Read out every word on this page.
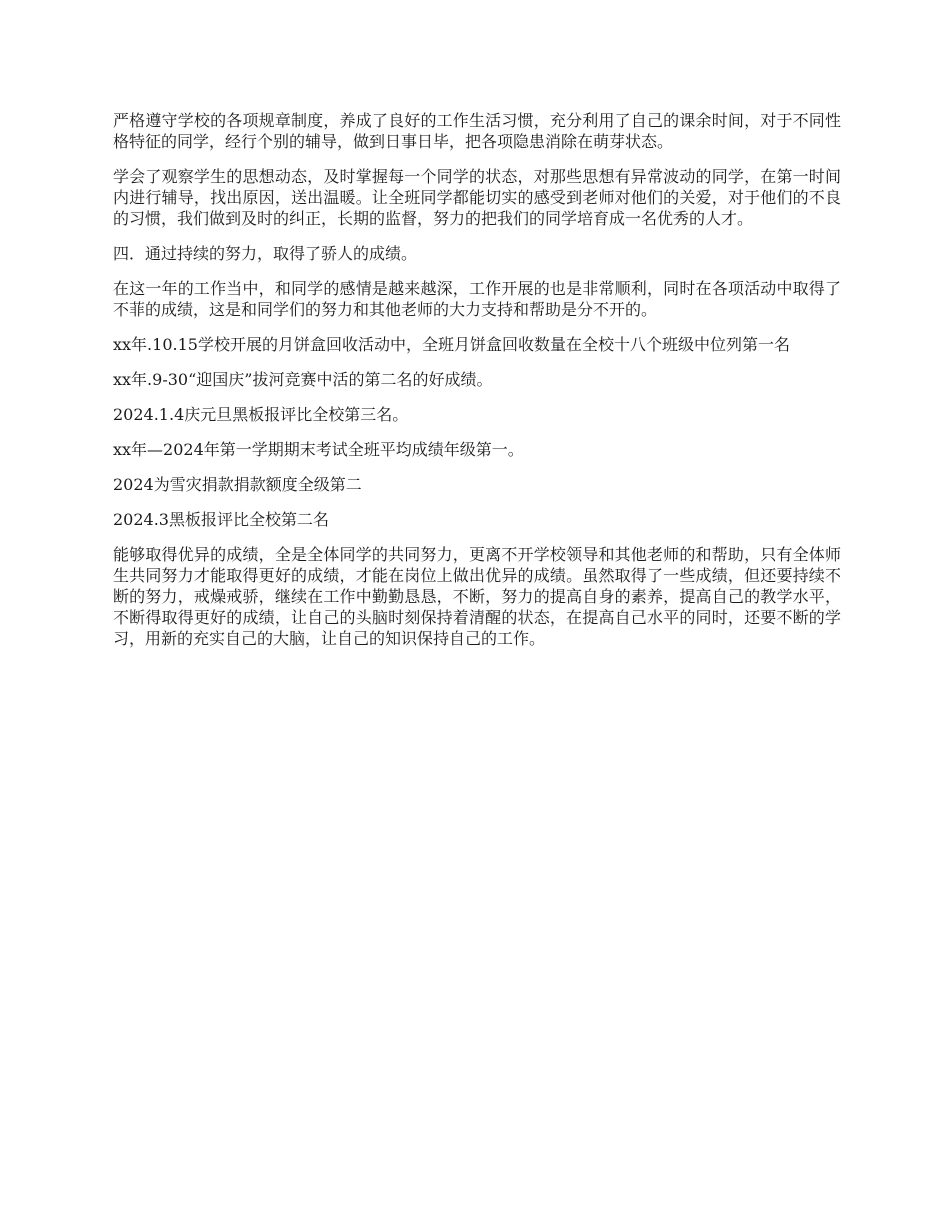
严格遵守学校的各项规章制度，养成了良好的工作生活习惯，充分利用了自己的课余时间，对于不同性格特征的同学，经行个别的辅导，做到日事日毕，把各项隐患消除在萌芽状态。

学会了观察学生的思想动态，及时掌握每一个同学的状态，对那些思想有异常波动的同学，在第一时间内进行辅导，找出原因，送出温暖。让全班同学都能切实的感受到老师对他们的关爱，对于他们的不良的习惯，我们做到及时的纠正，长期的监督，努力的把我们的同学培育成一名优秀的人才。

四．通过持续的努力，取得了骄人的成绩。

在这一年的工作当中，和同学的感情是越来越深，工作开展的也是非常顺利，同时在各项活动中取得了不菲的成绩，这是和同学们的努力和其他老师的大力支持和帮助是分不开的。

xx年.10.15学校开展的月饼盒回收活动中，全班月饼盒回收数量在全校十八个班级中位列第一名

xx年.9-30“迎国庆”拔河竞赛中活的第二名的好成绩。

2024.1.4庆元旦黑板报评比全校第三名。

xx年—2024年第一学期期末考试全班平均成绩年级第一。

2024为雪灾捐款捐款额度全级第二

2024.3黑板报评比全校第二名

能够取得优异的成绩，全是全体同学的共同努力，更离不开学校领导和其他老师的和帮助，只有全体师生共同努力才能取得更好的成绩，才能在岗位上做出优异的成绩。虽然取得了一些成绩，但还要持续不断的努力，戒燥戒骄，继续在工作中勤勤恳恳，不断，努力的提高自身的素养，提高自己的教学水平，不断得取得更好的成绩，让自己的头脑时刻保持着清醒的状态，在提高自己水平的同时，还要不断的学习，用新的充实自己的大脑，让自己的知识保持自己的工作。
